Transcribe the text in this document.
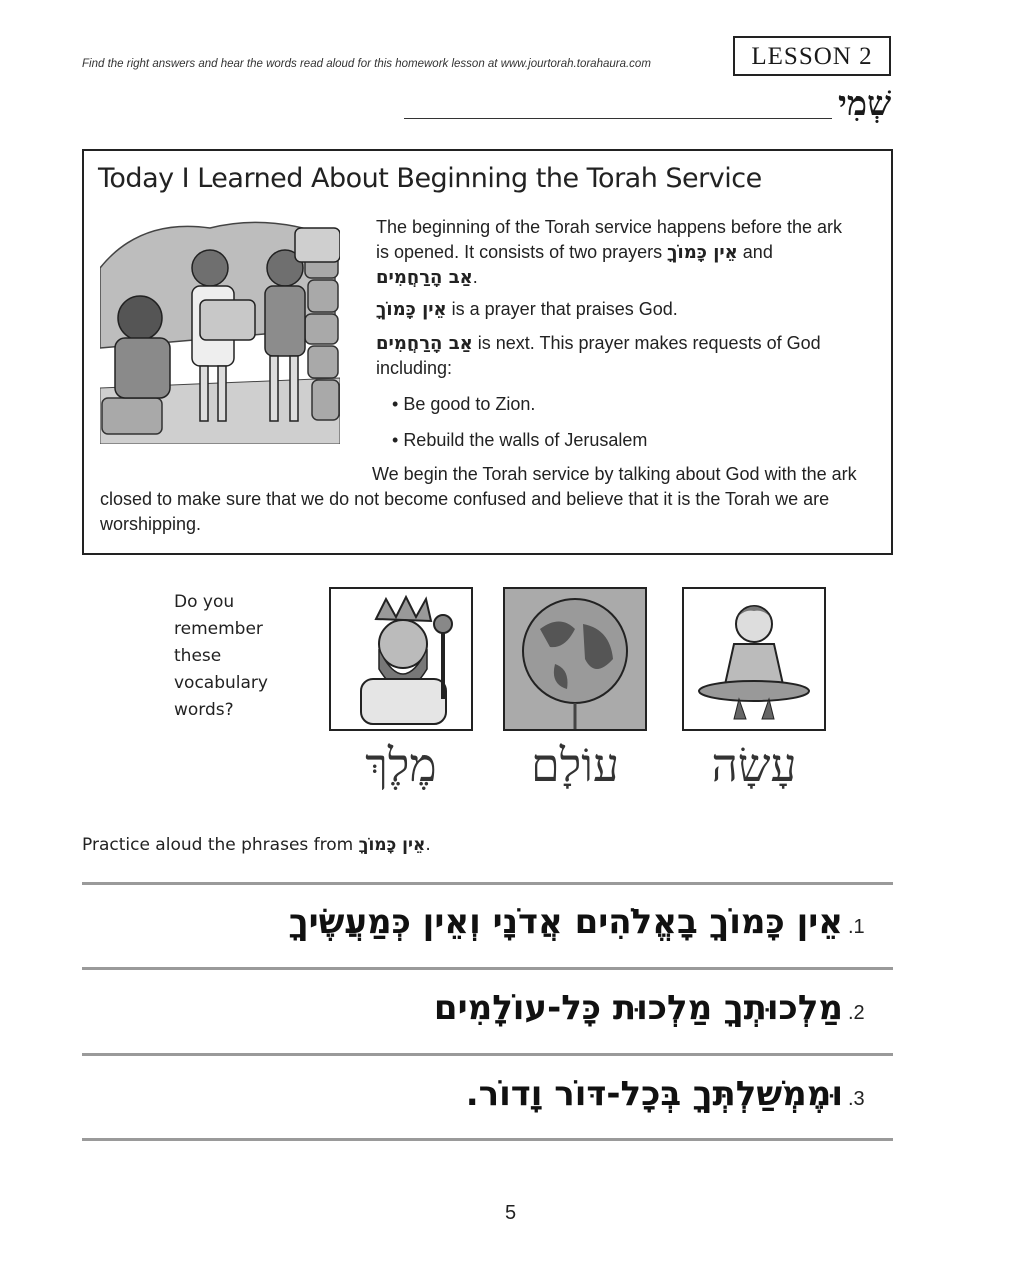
Find the right answers and hear the words read aloud for this homework lesson at www.jourtorah.torahaura.com	LESSON 2
שְׁמִי
Today I Learned About Beginning the Torah Service
The beginning of the Torah service happens before the ark is opened. It consists of two prayers אֵין כָּמוֹךָ and
אַב הָרַחֲמִים.
אֵין כָּמוֹךָ is a prayer that praises God.
אַב הָרַחֲמִים is next. This prayer makes requests of God including:
• Be good to Zion.
• Rebuild the walls of Jerusalem
We begin the Torah service by talking about God with the ark closed to make sure that we do not become confused and believe that it is the Torah we are worshipping.
Do you remember these vocabulary words?
מֶלֶךְ	עוֹלָם	עָשָׂה
Practice aloud the phrases from אֵין כָּמוֹךָ.
אֵין כָּמוֹךָ בָאֱלֹהִים אֲדֹנָי וְאֵין כְּמַעֲשֶׂיךָ .1
מַלְכוּתְךָ מַלְכוּת כָּל-עוֹלָמִים .2
וּמֶמְשַׁלְתְּךָ בְּכָל-דּוֹר וָדוֹר. .3
5
